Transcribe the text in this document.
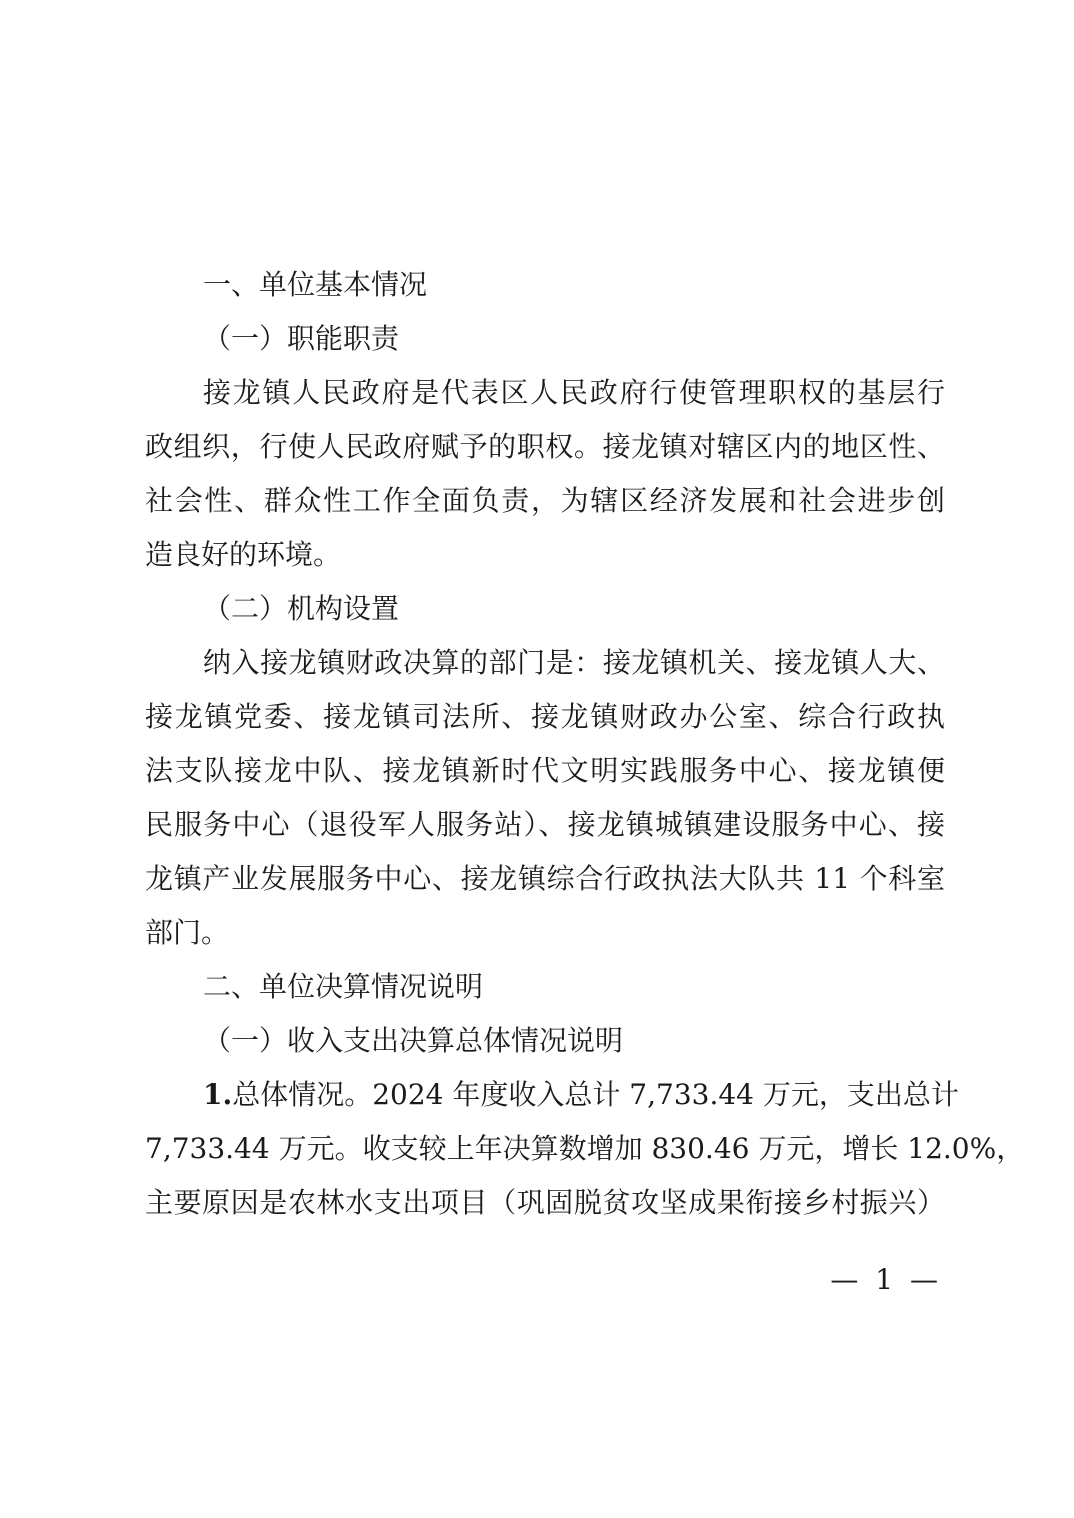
一、单位基本情况
（一）职能职责
接龙镇人民政府是代表区人民政府行使管理职权的基层行
政组织，行使人民政府赋予的职权。接龙镇对辖区内的地区性、
社会性、群众性工作全面负责，为辖区经济发展和社会进步创
造良好的环境。
（二）机构设置
纳入接龙镇财政决算的部门是：接龙镇机关、接龙镇人大、
接龙镇党委、接龙镇司法所、接龙镇财政办公室、综合行政执
法支队接龙中队、接龙镇新时代文明实践服务中心、接龙镇便
民服务中心（退役军人服务站）、接龙镇城镇建设服务中心、接
龙镇产业发展服务中心、接龙镇综合行政执法大队共 11 个科室
部门。
二、单位决算情况说明
（一）收入支出决算总体情况说明
1.总体情况。2024 年度收入总计 7,733.44 万元，支出总计
7,733.44 万元。收支较上年决算数增加 830.46 万元，增长 12.0%，
主要原因是农林水支出项目（巩固脱贫攻坚成果衔接乡村振兴）
— 1 —
